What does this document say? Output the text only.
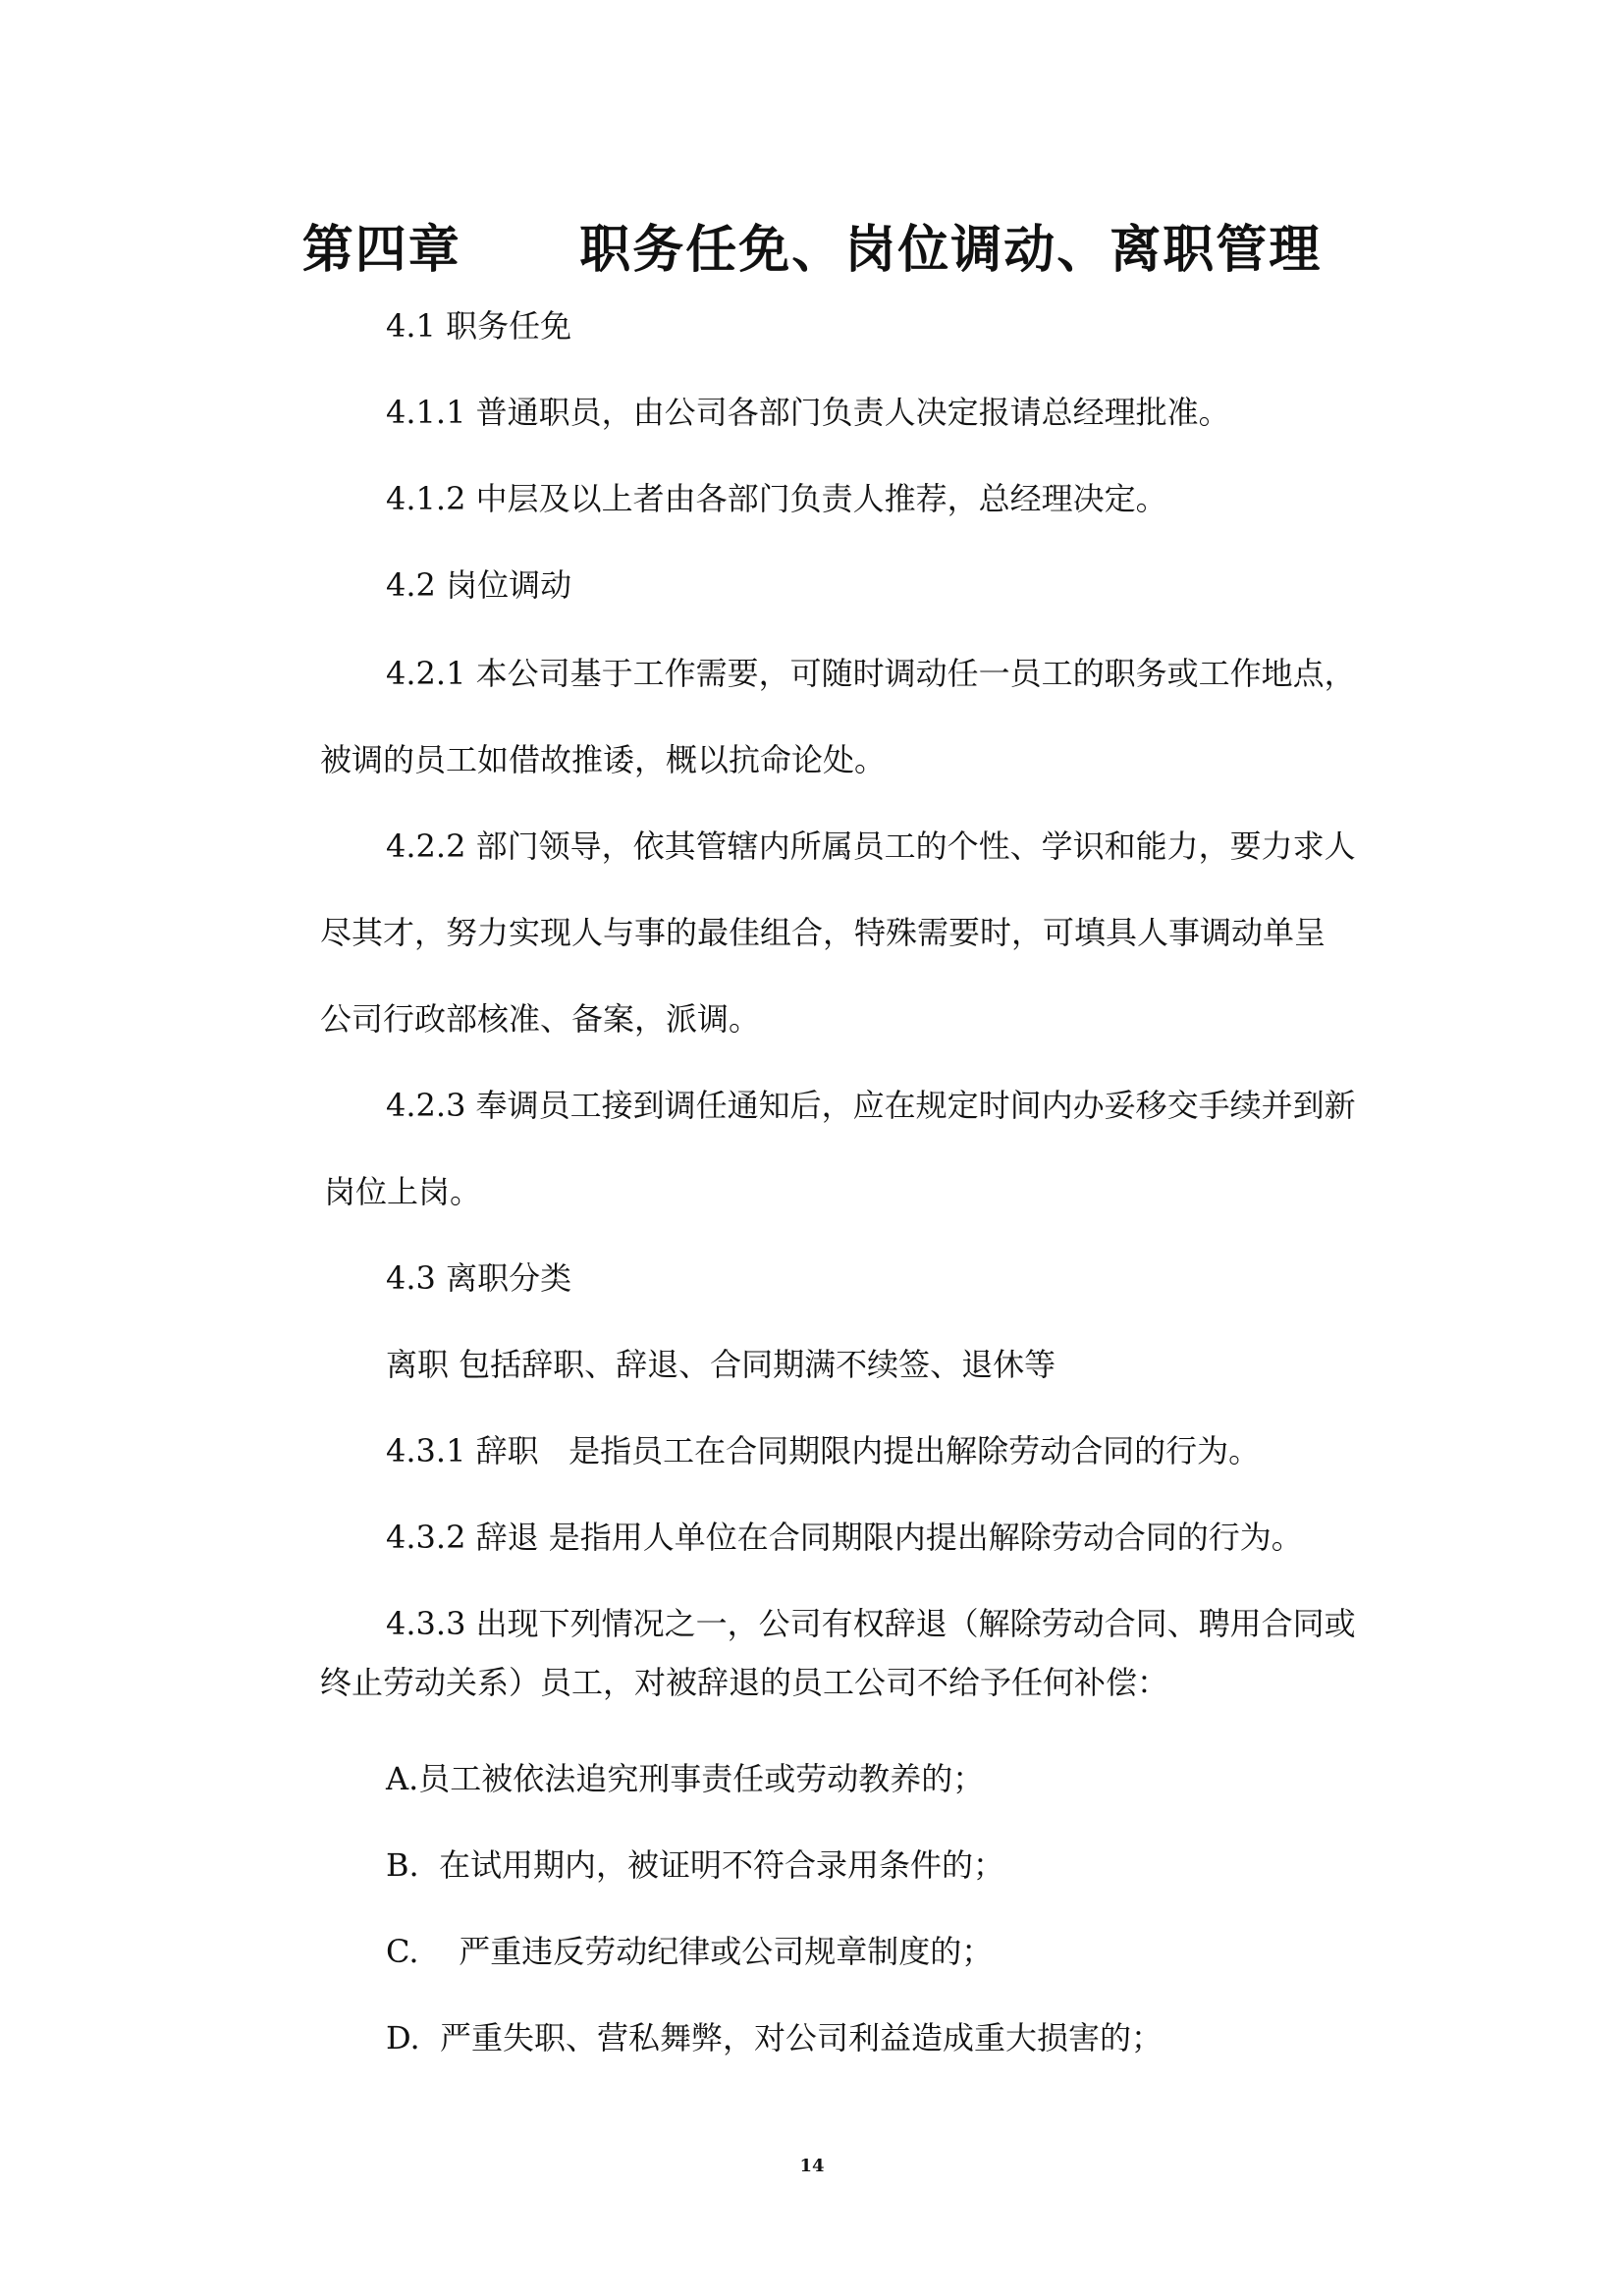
第四章      职务任免、岗位调动、离职管理
4.1 职务任免
4.1.1 普通职员，由公司各部门负责人决定报请总经理批准。
4.1.2 中层及以上者由各部门负责人推荐，总经理决定。
4.2 岗位调动
4.2.1 本公司基于工作需要，可随时调动任一员工的职务或工作地点，
被调的员工如借故推诿，概以抗命论处。
4.2.2 部门领导，依其管辖内所属员工的个性、学识和能力，要力求人
尽其才，努力实现人与事的最佳组合，特殊需要时，可填具人事调动单呈
公司行政部核准、备案，派调。
4.2.3 奉调员工接到调任通知后，应在规定时间内办妥移交手续并到新
岗位上岗。
4.3 离职分类
离职 包括辞职、辞退、合同期满不续签、退休等
4.3.1 辞职   是指员工在合同期限内提出解除劳动合同的行为。
4.3.2 辞退 是指用人单位在合同期限内提出解除劳动合同的行为。
4.3.3 出现下列情况之一，公司有权辞退（解除劳动合同、聘用合同或
终止劳动关系）员工，对被辞退的员工公司不给予任何补偿：
A.员工被依法追究刑事责任或劳动教养的；
B.  在试用期内，被证明不符合录用条件的；
C.    严重违反劳动纪律或公司规章制度的；
D.  严重失职、营私舞弊，对公司利益造成重大损害的；
14
